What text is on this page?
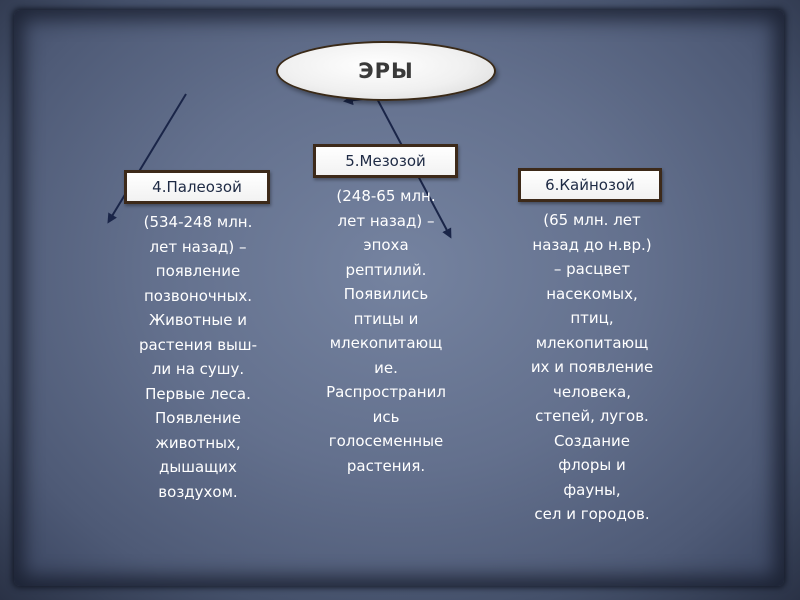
ЭРЫ
4.Палеозой
5.Мезозой
6.Кайнозой

(534-248 млн.
лет назад) –
появление
позвоночных.
Животные и
растения выш-
ли на сушу.
Первые леса.
Появление
животных,
дышащих
воздухом.

(248-65 млн.
лет назад) –
эпоха
рептилий.
Появились
птицы и
млекопитающ
ие.
Распространил
ись
голосеменные
растения.

(65 млн. лет
назад до н.вр.)
– расцвет
насекомых,
птиц,
млекопитающ
их и появление
человека,
степей, лугов.
Создание
флоры и
фауны,
сел и городов.
